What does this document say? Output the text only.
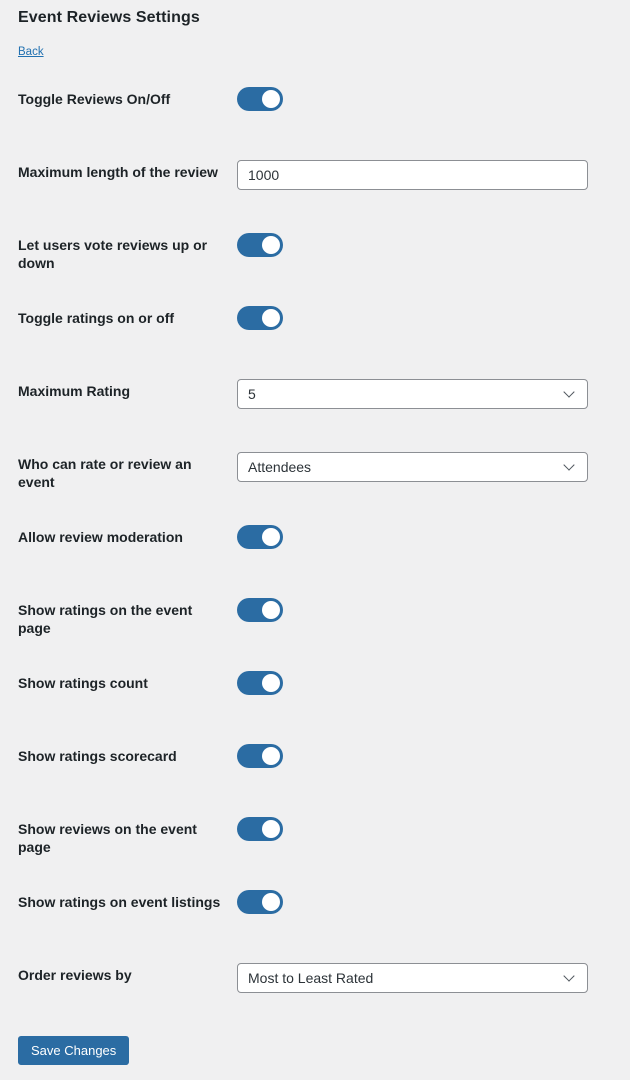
Event Reviews Settings
Back
Toggle Reviews On/Off
Maximum length of the review
1000
Let users vote reviews up or down
Toggle ratings on or off
Maximum Rating
5
Who can rate or review an event
Attendees
Allow review moderation
Show ratings on the event page
Show ratings count
Show ratings scorecard
Show reviews on the event page
Show ratings on event listings
Order reviews by
Most to Least Rated
Save Changes
